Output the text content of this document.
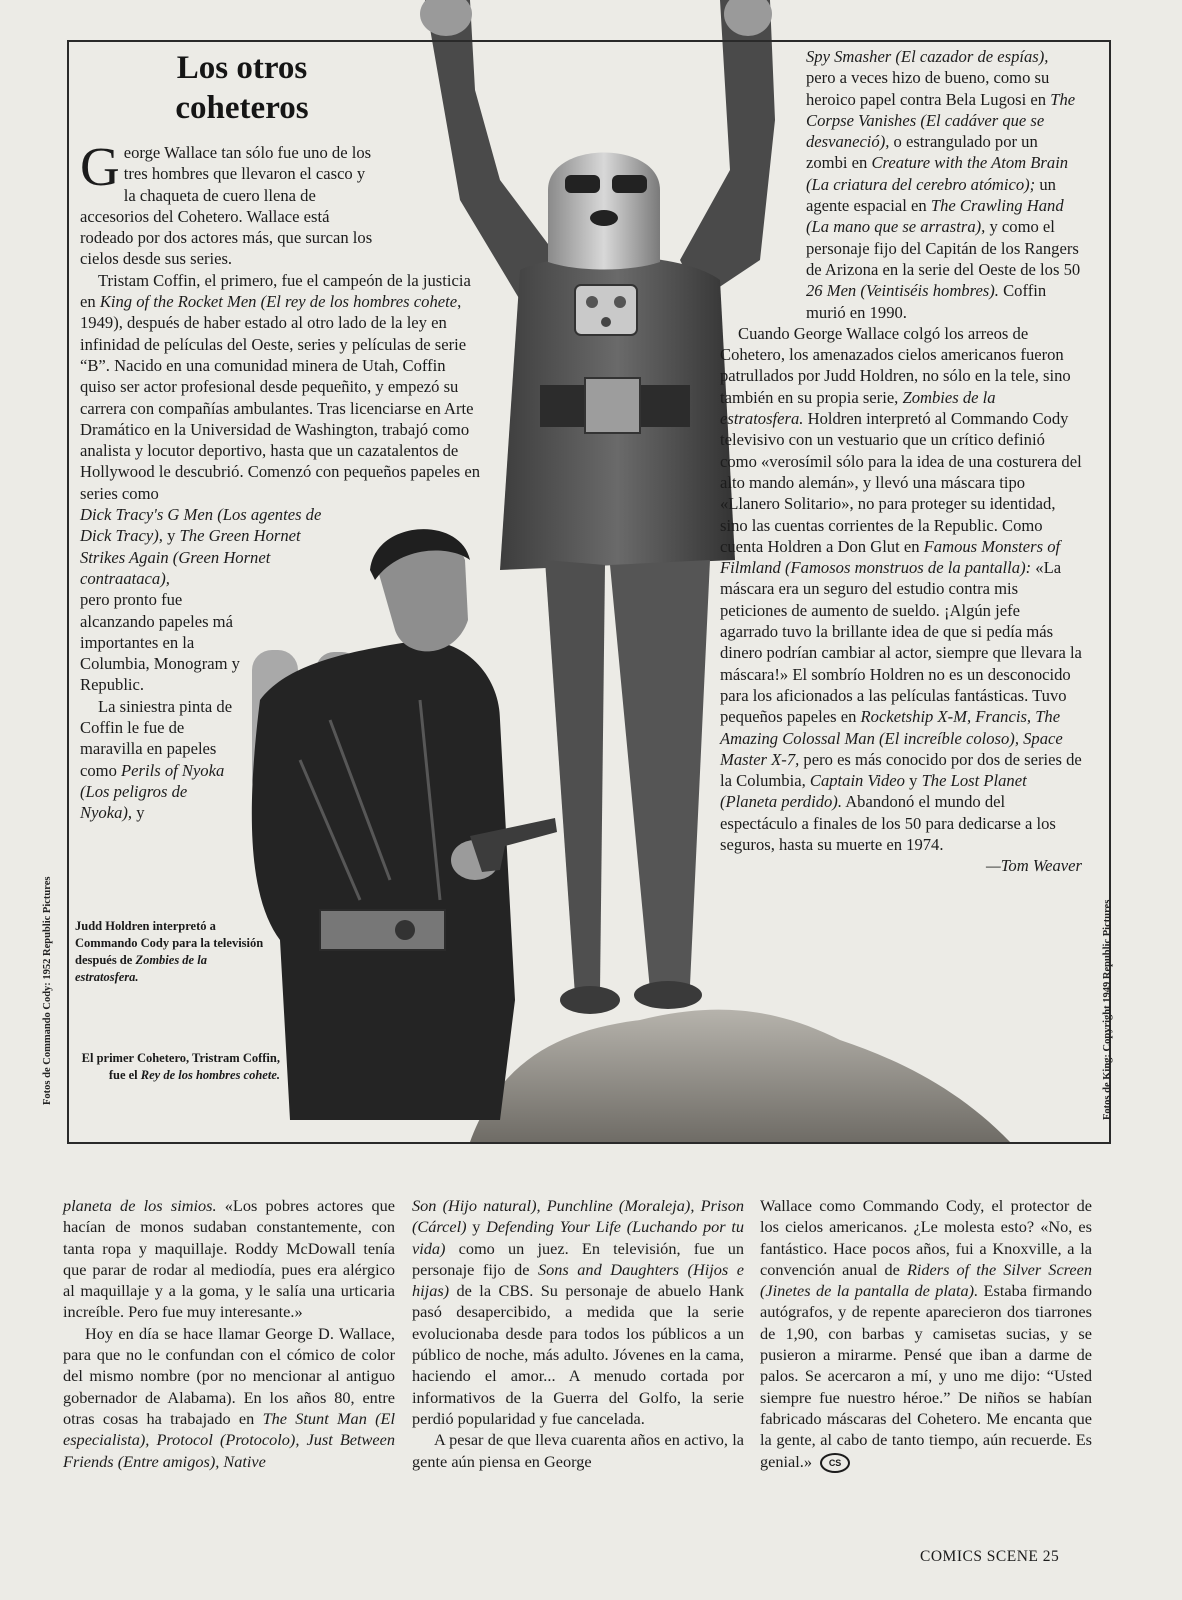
Los otros
coheteros

George Wallace tan sólo fue uno de los tres hombres que llevaron el casco y la chaqueta de cuero llena de accesorios del Cohetero. Wallace está rodeado por dos actores más, que surcan los cielos desde sus series.

Tristam Coffin, el primero, fue el campeón de la justicia en King of the Rocket Men (El rey de los hombres cohete, 1949), después de haber estado al otro lado de la ley en infinidad de películas del Oeste, series y películas de serie “B”. Nacido en una comunidad minera de Utah, Coffin quiso ser actor profesional desde pequeñito, y empezó su carrera con compañías ambulantes. Tras licenciarse en Arte Dramático en la Universidad de Washington, trabajó como analista y locutor deportivo, hasta que un cazatalentos de Hollywood le descubrió. Comenzó con pequeños papeles en series como

Dick Tracy's G Men (Los agentes de Dick Tracy), y The Green Hornet Strikes Again (Green Hornet contraataca),

pero pronto fue alcanzando papeles má importantes en la Columbia, Monogram y Republic.

La siniestra pinta de Coffin le fue de maravilla en papeles como Perils of Nyoka (Los peligros de Nyoka), y

Spy Smasher (El cazador de espías), pero a veces hizo de bueno, como su heroico papel contra Bela Lugosi en The Corpse Vanishes (El cadáver que se desvaneció), o estrangulado por un zombi en Creature with the Atom Brain (La criatura del cerebro atómico); un agente espacial en The Crawling Hand (La mano que se arrastra), y como el personaje fijo del Capitán de los Rangers de Arizona en la serie del Oeste de los 50 26 Men (Veintiséis hombres). Coffin murió en 1990.

Cuando George Wallace colgó los arreos de Cohetero, los amenazados cielos americanos fueron patrullados por Judd Holdren, no sólo en la tele, sino también en su propia serie, Zombies de la estratosfera. Holdren interpretó al Commando Cody televisivo con un vestuario que un crítico definió como «verosímil sólo para la idea de una costurera del alto mando alemán», y llevó una máscara tipo «Llanero Solitario», no para proteger su identidad, sino las cuentas corrientes de la Republic. Como cuenta Holdren a Don Glut en Famous Monsters of Filmland (Famosos monstruos de la pantalla): «La máscara era un seguro del estudio contra mis peticiones de aumento de sueldo. ¡Algún jefe agarrado tuvo la brillante idea de que si pedía más dinero podrían cambiar al actor, siempre que llevara la máscara!» El sombrío Holdren no es un desconocido para los aficionados a las películas fantásticas. Tuvo pequeños papeles en Rocketship X-M, Francis, The Amazing Colossal Man (El increíble coloso), Space Master X-7, pero es más conocido por dos de series de la Columbia, Captain Video y The Lost Planet (Planeta perdido). Abandonó el mundo del espectáculo a finales de los 50 para dedicarse a los seguros, hasta su muerte en 1974.

—Tom Weaver

Judd Holdren interpretó a Commando Cody para la televisión después de Zombies de la estratosfera.
El primer Cohetero, Tristram Coffin, fue el Rey de los hombres cohete.
Fotos de Commando Cody: 1952 Republic Pictures	Fotos de King: Copyright 1949 Republic Pictures

planeta de los simios. «Los pobres actores que hacían de monos sudaban constantemente, con tanta ropa y maquillaje. Roddy McDowall tenía que parar de rodar al mediodía, pues era alérgico al maquillaje y a la goma, y le salía una urticaria increíble. Pero fue muy interesante.»

Hoy en día se hace llamar George D. Wallace, para que no le confundan con el cómico de color del mismo nombre (por no mencionar al antiguo gobernador de Alabama). En los años 80, entre otras cosas ha trabajado en The Stunt Man (El especialista), Protocol (Protocolo), Just Between Friends (Entre amigos), Native

Son (Hijo natural), Punchline (Moraleja), Prison (Cárcel) y Defending Your Life (Luchando por tu vida) como un juez. En televisión, fue un personaje fijo de Sons and Daughters (Hijos e hijas) de la CBS. Su personaje de abuelo Hank pasó desapercibido, a medida que la serie evolucionaba desde para todos los públicos a un público de noche, más adulto. Jóvenes en la cama, haciendo el amor... A menudo cortada por informativos de la Guerra del Golfo, la serie perdió popularidad y fue cancelada.

A pesar de que lleva cuarenta años en activo, la gente aún piensa en George

Wallace como Commando Cody, el protector de los cielos americanos. ¿Le molesta esto? «No, es fantástico. Hace pocos años, fui a Knoxville, a la convención anual de Riders of the Silver Screen (Jinetes de la pantalla de plata). Estaba firmando autógrafos, y de repente aparecieron dos tiarrones de 1,90, con barbas y camisetas sucias, y se pusieron a mirarme. Pensé que iban a darme de palos. Se acercaron a mí, y uno me dijo: “Usted siempre fue nuestro héroe.” De niños se habían fabricado máscaras del Cohetero. Me encanta que la gente, al cabo de tanto tiempo, aún recuerde. Es genial.» CS

COMICS SCENE 25
